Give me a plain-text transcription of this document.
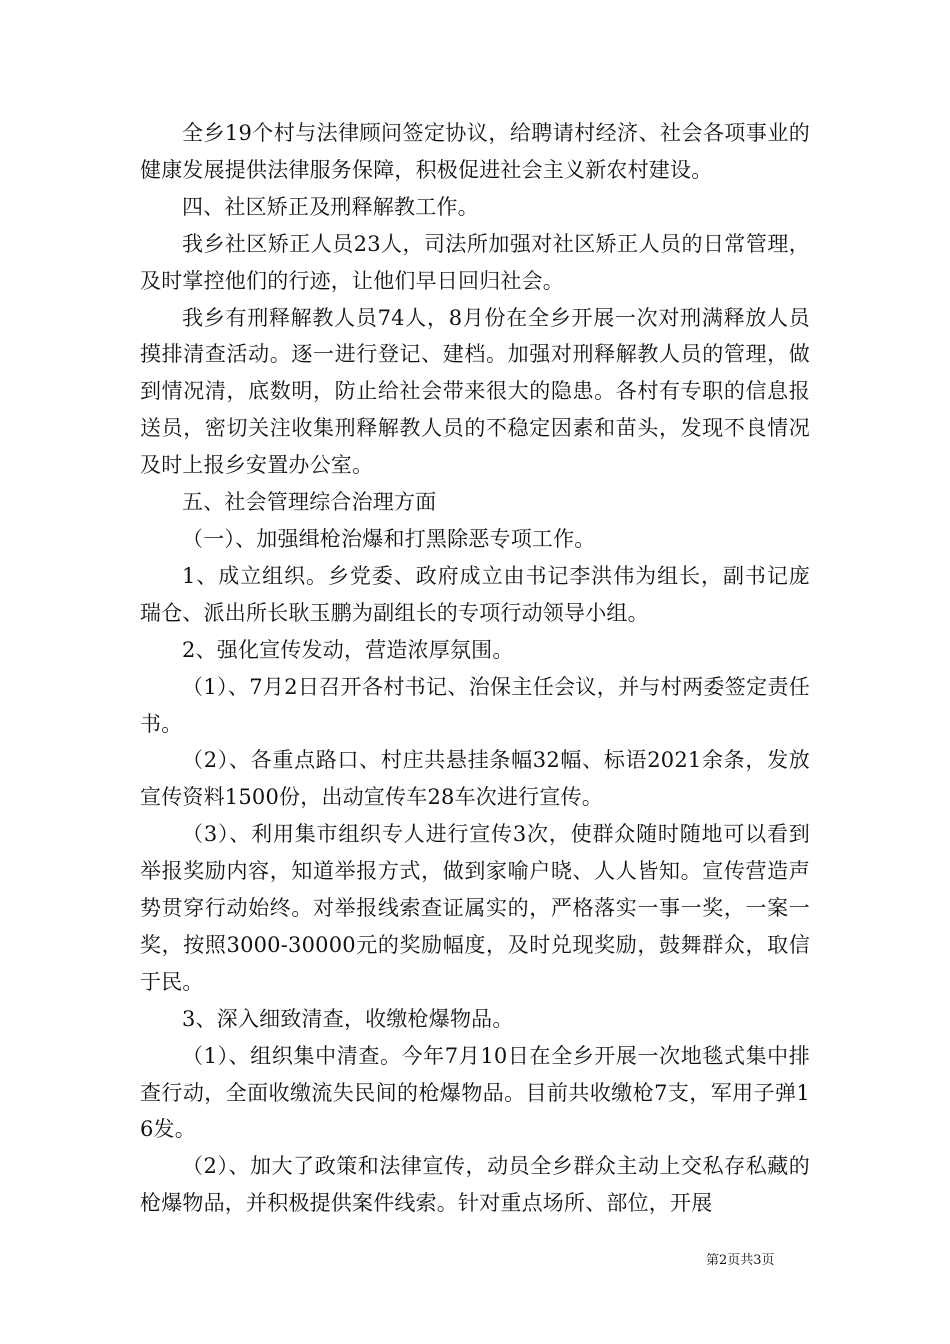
全乡19个村与法律顾问签定协议，给聘请村经济、社会各项事业的健康发展提供法律服务保障，积极促进社会主义新农村建设。

四、社区矫正及刑释解教工作。

我乡社区矫正人员23人，司法所加强对社区矫正人员的日常管理，及时掌控他们的行迹，让他们早日回归社会。

我乡有刑释解教人员74人，8月份在全乡开展一次对刑满释放人员摸排清查活动。逐一进行登记、建档。加强对刑释解教人员的管理，做到情况清，底数明，防止给社会带来很大的隐患。各村有专职的信息报送员，密切关注收集刑释解教人员的不稳定因素和苗头，发现不良情况及时上报乡安置办公室。

五、社会管理综合治理方面

（一）、加强缉枪治爆和打黑除恶专项工作。

1、成立组织。乡党委、政府成立由书记李洪伟为组长，副书记庞瑞仓、派出所长耿玉鹏为副组长的专项行动领导小组。

2、强化宣传发动，营造浓厚氛围。

（1）、7月2日召开各村书记、治保主任会议，并与村两委签定责任书。

（2）、各重点路口、村庄共悬挂条幅32幅、标语2021余条，发放宣传资料1500份，出动宣传车28车次进行宣传。

（3）、利用集市组织专人进行宣传3次，使群众随时随地可以看到举报奖励内容，知道举报方式，做到家喻户晓、人人皆知。宣传营造声势贯穿行动始终。对举报线索查证属实的，严格落实一事一奖，一案一奖，按照3000-30000元的奖励幅度，及时兑现奖励，鼓舞群众，取信于民。

3、深入细致清查，收缴枪爆物品。

（1）、组织集中清查。今年7月10日在全乡开展一次地毯式集中排查行动，全面收缴流失民间的枪爆物品。目前共收缴枪7支，军用子弹16发。

（2）、加大了政策和法律宣传，动员全乡群众主动上交私存私藏的枪爆物品，并积极提供案件线索。针对重点场所、部位，开展

第2页共3页
